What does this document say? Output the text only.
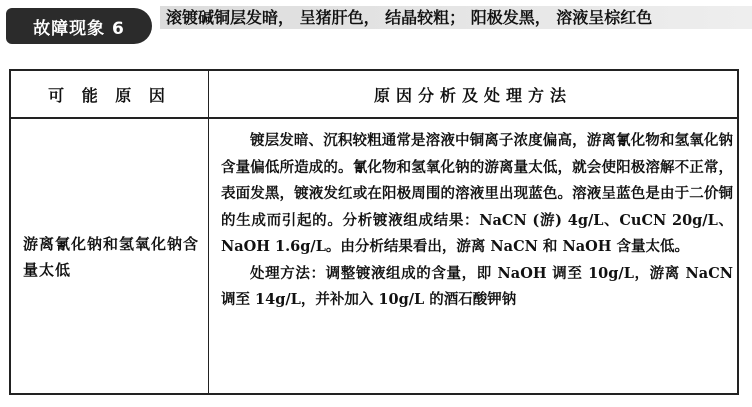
故障现象 6
滚镀碱铜层发暗， 呈猪肝色， 结晶较粗； 阳极发黑， 溶液呈棕红色
可 能 原 因	原因分析及处理方法
游离氰化钠和氢氧化钠含量太低

镀层发暗、沉积较粗通常是溶液中铜离子浓度偏高，游离氰化物和氢氧化钠含量偏低所造成的。氰化物和氢氧化钠的游离量太低，就会使阳极溶解不正常，表面发黑，镀液发红或在阳极周围的溶液里出现蓝色。溶液呈蓝色是由于二价铜的生成而引起的。分析镀液组成结果：NaCN (游) 4g/L、CuCN 20g/L、NaOH 1.6g/L。由分析结果看出，游离 NaCN 和 NaOH 含量太低。

处理方法：调整镀液组成的含量，即 NaOH 调至 10g/L，游离 NaCN 调至 14g/L，并补加入 10g/L 的酒石酸钾钠
